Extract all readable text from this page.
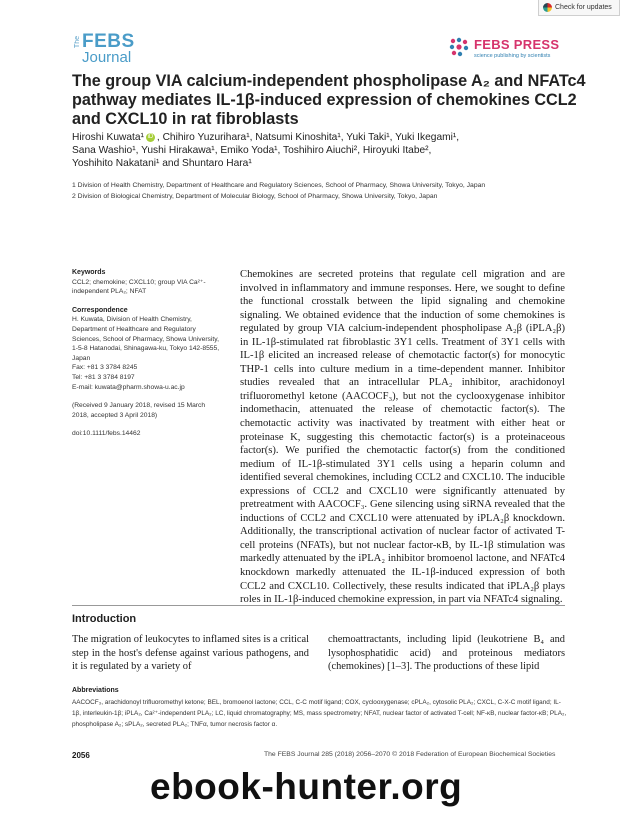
Check for updates
The FEBS
Journal
FEBS PRESS
science publishing by scientists
The group VIA calcium-independent phospholipase A₂ and NFATc4 pathway mediates IL-1β-induced expression of chemokines CCL2 and CXCL10 in rat fibroblasts
Hiroshi Kuwata¹ iD , Chihiro Yuzurihara¹, Natsumi Kinoshita¹, Yuki Taki¹, Yuki Ikegami¹,
Sana Washio¹, Yushi Hirakawa¹, Emiko Yoda¹, Toshihiro Aiuchi², Hiroyuki Itabe²,
Yoshihito Nakatani¹ and Shuntaro Hara¹
1 Division of Health Chemistry, Department of Healthcare and Regulatory Sciences, School of Pharmacy, Showa University, Tokyo, Japan
2 Division of Biological Chemistry, Department of Molecular Biology, School of Pharmacy, Showa University, Tokyo, Japan
Keywords

CCL2; chemokine; CXCL10; group VIA Ca²⁺-independent PLA₂; NFAT

Correspondence

H. Kuwata, Division of Health Chemistry, Department of Healthcare and Regulatory Sciences, School of Pharmacy, Showa University, 1-5-8 Hatanodai, Shinagawa-ku, Tokyo 142-8555, Japan

Fax: +81 3 3784 8245
Tel: +81 3 3784 8197

E-mail: kuwata@pharm.showa-u.ac.jp

(Received 9 January 2018, revised 15 March 2018, accepted 3 April 2018)

doi:10.1111/febs.14462

Chemokines are secreted proteins that regulate cell migration and are involved in inflammatory and immune responses. Here, we sought to define the functional crosstalk between the lipid signaling and chemokine signaling. We obtained evidence that the induction of some chemokines is regulated by group VIA calcium-independent phospholipase A₂β (iPLA₂β) in IL-1β-stimulated rat fibroblastic 3Y1 cells. Treatment of 3Y1 cells with IL-1β elicited an increased release of chemotactic factor(s) for monocytic THP-1 cells into culture medium in a time-dependent manner. Inhibitor studies revealed that an intracellular PLA₂ inhibitor, arachidonoyl trifluoromethyl ketone (AACOCF₃), but not the cyclooxygenase inhibitor indomethacin, attenuated the release of chemotactic factor(s). The chemotactic activity was inactivated by treatment with either heat or proteinase K, suggesting this chemotactic factor(s) is a proteinaceous factor(s). We purified the chemotactic factor(s) from the conditioned medium of IL-1β-stimulated 3Y1 cells using a heparin column and identified several chemokines, including CCL2 and CXCL10. The inducible expressions of CCL2 and CXCL10 were significantly attenuated by pretreatment with AACOCF₃. Gene silencing using siRNA revealed that the inductions of CCL2 and CXCL10 were attenuated by iPLA₂β knockdown. Additionally, the transcriptional activation of nuclear factor of activated T-cell proteins (NFATs), but not nuclear factor-κB, by IL-1β stimulation was markedly attenuated by the iPLA₂ inhibitor bromoenol lactone, and NFATc4 knockdown markedly attenuated the IL-1β-induced expression of both CCL2 and CXCL10. Collectively, these results indicated that iPLA₂β plays roles in IL-1β-induced chemokine expression, in part via NFATc4 signaling.
Introduction
The migration of leukocytes to inflamed sites is a critical step in the host's defense against various pathogens, and it is regulated by a variety of
chemoattractants, including lipid (leukotriene B₄ and lysophosphatidic acid) and proteinous mediators (chemokines) [1–3]. The productions of these lipid
Abbreviations
AACOCF₃, arachidonoyl trifluoromethyl ketone; BEL, bromoenol lactone; CCL, C-C motif ligand; COX, cyclooxygenase; cPLA₂, cytosolic PLA₂; CXCL, C-X-C motif ligand; IL-1β, interleukin-1β; iPLA₂, Ca²⁺-independent PLA₂; LC, liquid chromatography; MS, mass spectrometry; NFAT, nuclear factor of activated T-cell; NF-κB, nuclear factor-κB; PLA₂, phospholipase A₂; sPLA₂, secreted PLA₂; TNFα, tumor necrosis factor α.
2056	The FEBS Journal 285 (2018) 2056–2070 © 2018 Federation of European Biochemical Societies
ebook-hunter.org
